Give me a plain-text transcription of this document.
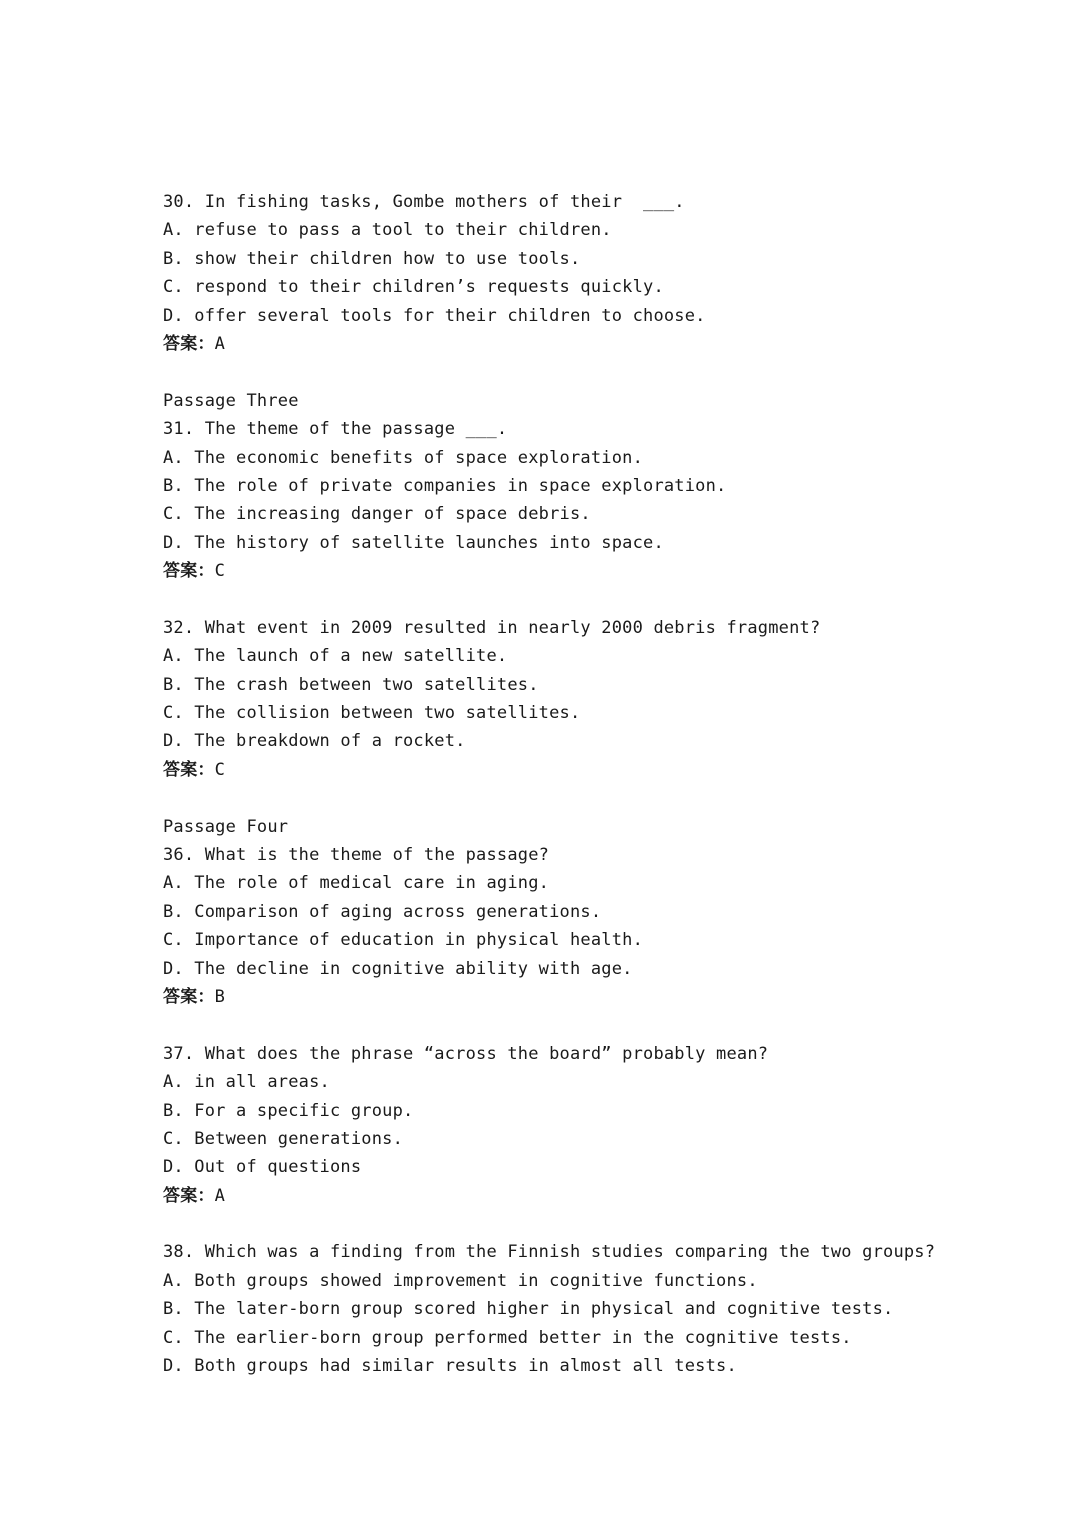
30. In fishing tasks, Gombe mothers of their  ___.
A. refuse to pass a tool to their children.
B. show their children how to use tools.
C. respond to their children’s requests quickly.
D. offer several tools for their children to choose.
答案：A
Passage Three
31. The theme of the passage ___.
A. The economic benefits of space exploration.
B. The role of private companies in space exploration.
C. The increasing danger of space debris.
D. The history of satellite launches into space.
答案：C
32. What event in 2009 resulted in nearly 2000 debris fragment?
A. The launch of a new satellite.
B. The crash between two satellites.
C. The collision between two satellites.
D. The breakdown of a rocket.
答案：C
Passage Four
36. What is the theme of the passage?
A. The role of medical care in aging.
B. Comparison of aging across generations.
C. Importance of education in physical health.
D. The decline in cognitive ability with age.
答案：B
37. What does the phrase “across the board” probably mean?
A. in all areas.
B. For a specific group.
C. Between generations.
D. Out of questions
答案：A
38. Which was a finding from the Finnish studies comparing the two groups?
A. Both groups showed improvement in cognitive functions.
B. The later-born group scored higher in physical and cognitive tests.
C. The earlier-born group performed better in the cognitive tests.
D. Both groups had similar results in almost all tests.
